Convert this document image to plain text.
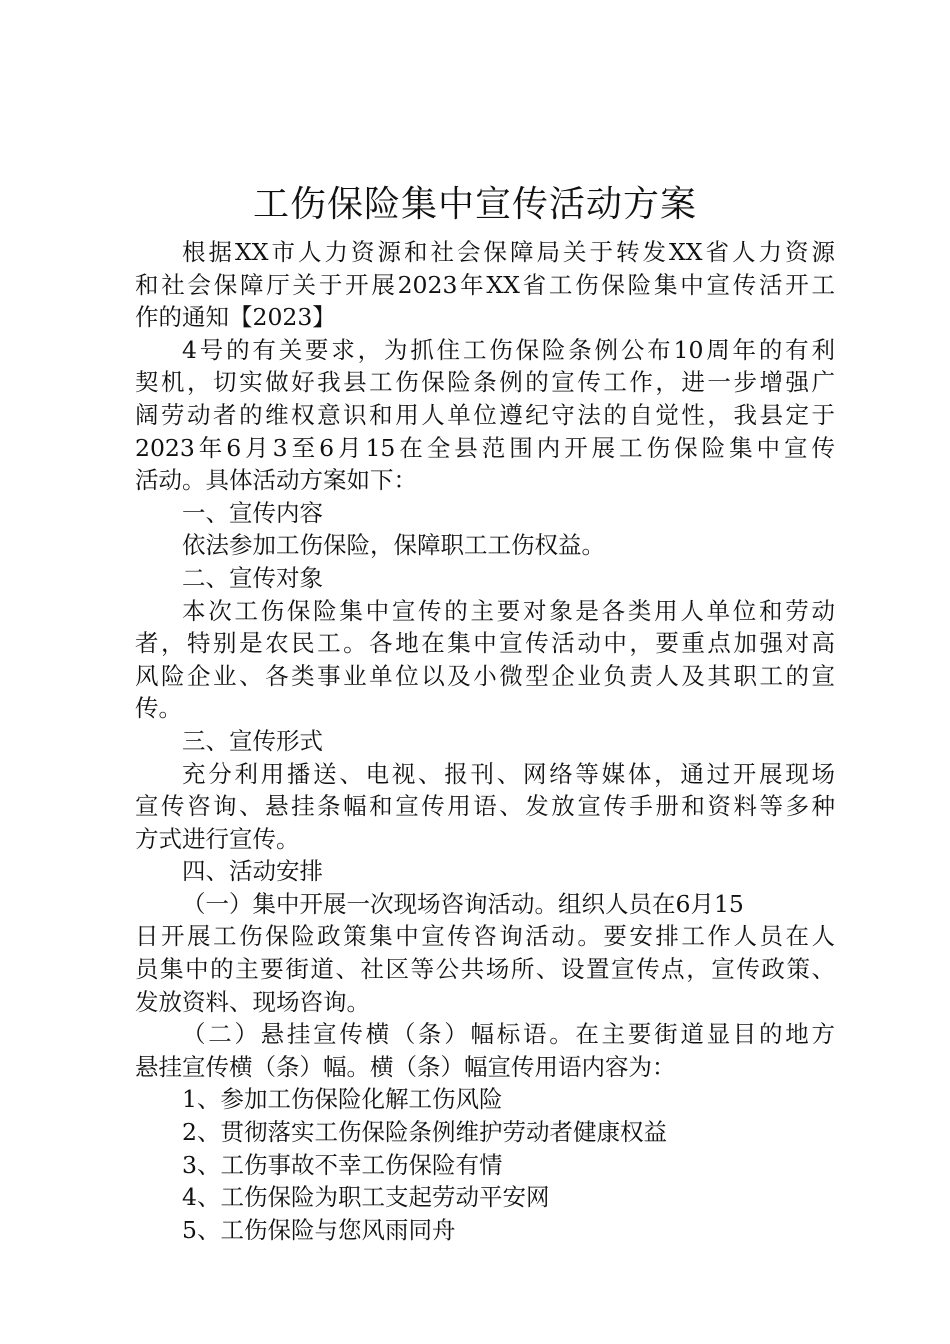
工伤保险集中宣传活动方案
根据XX市人力资源和社会保障局关于转发XX省人力资源
和社会保障厅关于开展2023年XX省工伤保险集中宣传活开工
作的通知【2023】
4号的有关要求，为抓住工伤保险条例公布10周年的有利
契机，切实做好我县工伤保险条例的宣传工作，进一步增强广
阔劳动者的维权意识和用人单位遵纪守法的自觉性，我县定于
2023年6月3至6月15在全县范围内开展工伤保险集中宣传
活动。具体活动方案如下：
一、宣传内容
依法参加工伤保险，保障职工工伤权益。
二、宣传对象
本次工伤保险集中宣传的主要对象是各类用人单位和劳动
者，特别是农民工。各地在集中宣传活动中，要重点加强对高
风险企业、各类事业单位以及小微型企业负责人及其职工的宣
传。
三、宣传形式
充分利用播送、电视、报刊、网络等媒体，通过开展现场
宣传咨询、悬挂条幅和宣传用语、发放宣传手册和资料等多种
方式进行宣传。
四、活动安排
（一）集中开展一次现场咨询活动。组织人员在6月15
日开展工伤保险政策集中宣传咨询活动。要安排工作人员在人
员集中的主要街道、社区等公共场所、设置宣传点，宣传政策、
发放资料、现场咨询。
（二）悬挂宣传横（条）幅标语。在主要街道显目的地方
悬挂宣传横（条）幅。横（条）幅宣传用语内容为：
1、参加工伤保险化解工伤风险
2、贯彻落实工伤保险条例维护劳动者健康权益
3、工伤事故不幸工伤保险有情
4、工伤保险为职工支起劳动平安网
5、工伤保险与您风雨同舟
